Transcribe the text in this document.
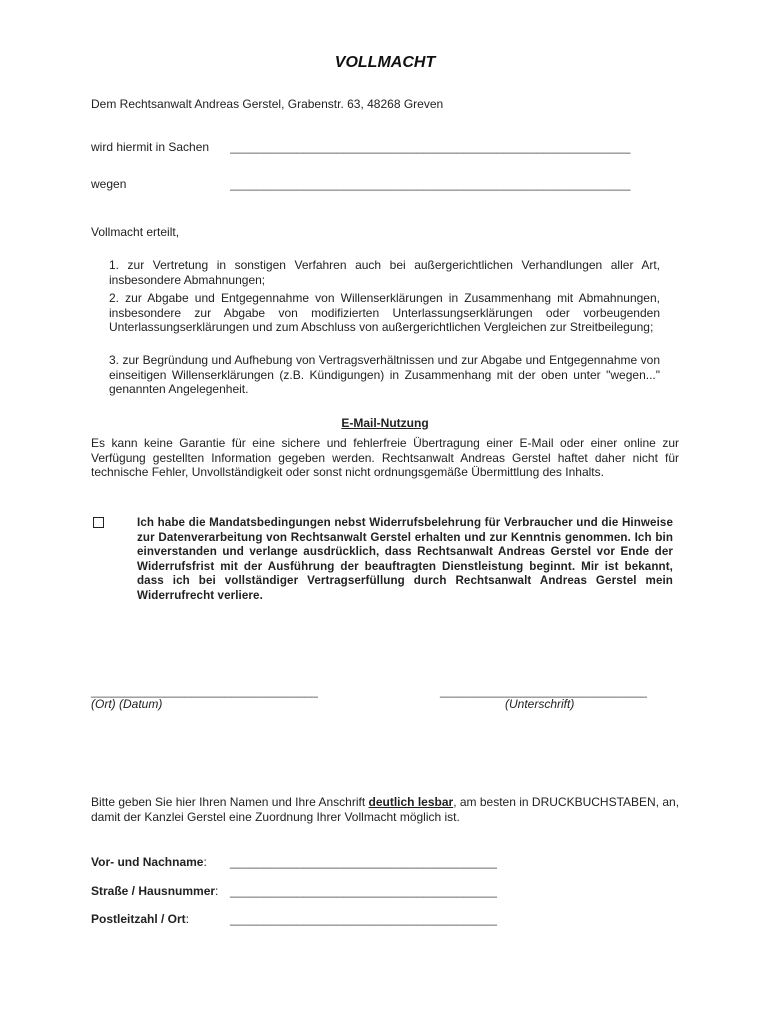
VOLLMACHT
Dem Rechtsanwalt Andreas Gerstel, Grabenstr. 63, 48268 Greven
wird hiermit in Sachen ____________________________________________________________
wegen	____________________________________________________________
Vollmacht erteilt,
1. zur Vertretung in sonstigen Verfahren auch bei außergerichtlichen Verhandlungen aller Art, insbesondere Abmahnungen;
2. zur Abgabe und Entgegennahme von Willenserklärungen in Zusammenhang mit Abmahnungen, insbesondere zur Abgabe von modifizierten Unterlassungserklärungen oder vorbeugenden Unterlassungserklärungen und zum Abschluss von außergerichtlichen Vergleichen zur Streitbeilegung;
3. zur Begründung und Aufhebung von Vertragsverhältnissen und zur Abgabe und Entgegennahme von einseitigen Willenserklärungen (z.B. Kündigungen) in Zusammenhang mit der oben unter "wegen..." genannten Angelegenheit.
E-Mail-Nutzung
Es kann keine Garantie für eine sichere und fehlerfreie Übertragung einer E-Mail oder einer online zur Verfügung gestellten Information gegeben werden. Rechtsanwalt Andreas Gerstel haftet daher nicht für technische Fehler, Unvollständigkeit oder sonst nicht ordnungsgemäße Übermittlung des Inhalts.
Ich habe die Mandatsbedingungen nebst Widerrufsbelehrung für Verbraucher und die Hinweise zur Datenverarbeitung von Rechtsanwalt Gerstel erhalten und zur Kenntnis genommen. Ich bin einverstanden und verlange ausdrücklich, dass Rechtsanwalt Andreas Gerstel vor Ende der Widerrufsfrist mit der Ausführung der beauftragten Dienstleistung beginnt. Mir ist bekannt, dass ich bei vollständiger Vertragserfüllung durch Rechtsanwalt Andreas Gerstel mein Widerrufrecht verliere.
__________________________________
(Ort) (Datum)
_______________________________
(Unterschrift)
Bitte geben Sie hier Ihren Namen und Ihre Anschrift deutlich lesbar, am besten in DRUCKBUCHSTABEN, an, damit der Kanzlei Gerstel eine Zuordnung Ihrer Vollmacht möglich ist.
Vor- und Nachname: ________________________________________
Straße / Hausnummer: ________________________________________
Postleitzahl / Ort:	________________________________________
